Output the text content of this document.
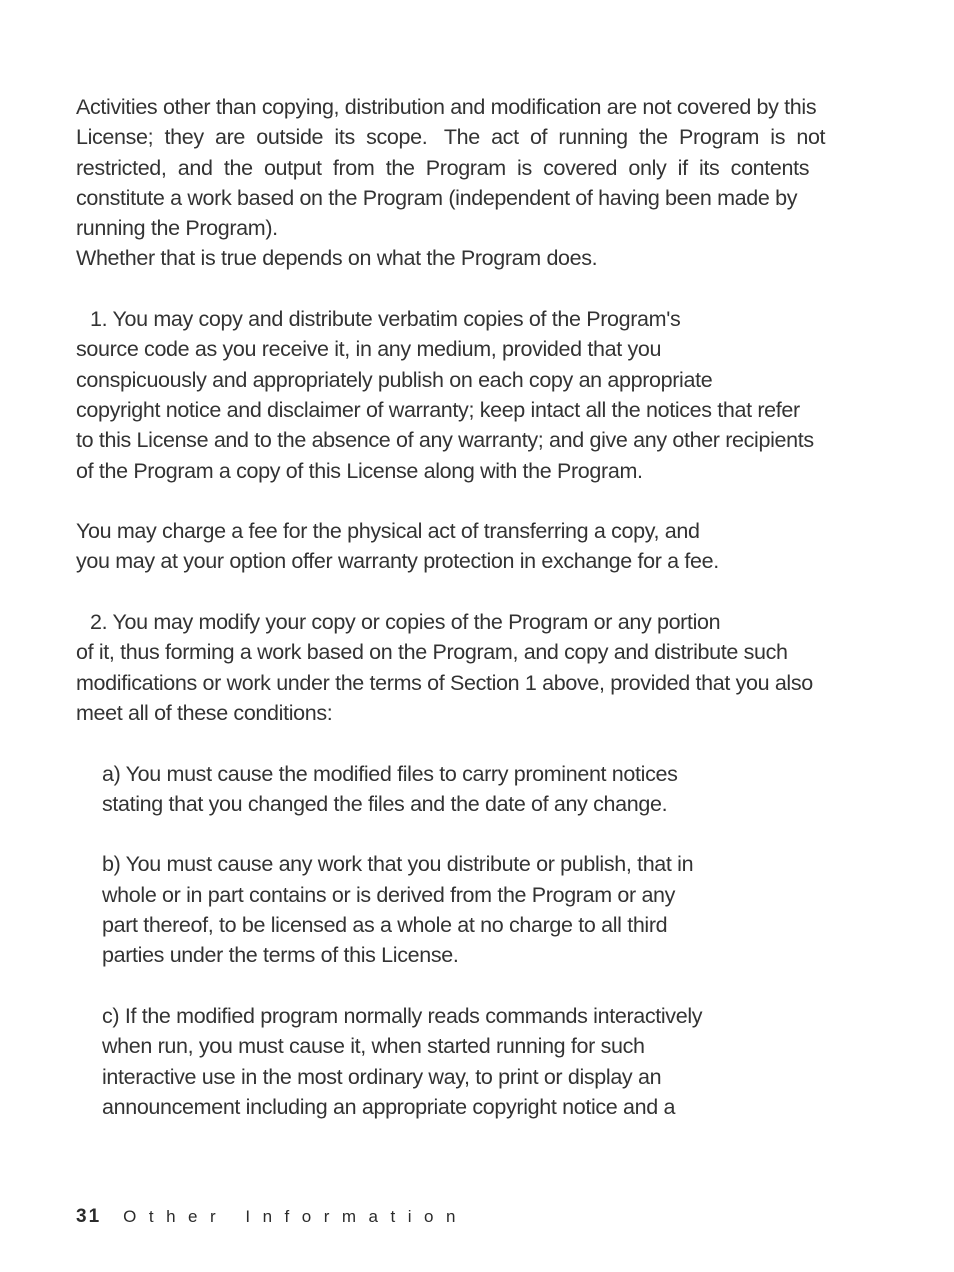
Activities other than copying, distribution and modification are not covered by this
License;  they  are  outside  its  scope.   The  act  of  running  the  Program  is  not
restricted,  and  the  output  from  the  Program  is  covered  only  if  its  contents
constitute a work based on the Program (independent of having been made by
running the Program).
Whether that is true depends on what the Program does.
1. You may copy and distribute verbatim copies of the Program's
source code as you receive it, in any medium, provided that you
conspicuously and appropriately publish on each copy an appropriate
copyright notice and disclaimer of warranty; keep intact all the notices that refer
to this License and to the absence of any warranty; and give any other recipients
of the Program a copy of this License along with the Program.
You may charge a fee for the physical act of transferring a copy, and
you may at your option offer warranty protection in exchange for a fee.
2. You may modify your copy or copies of the Program or any portion
of it, thus forming a work based on the Program, and copy and distribute such
modifications or work under the terms of Section 1 above, provided that you also
meet all of these conditions:
a) You must cause the modified files to carry prominent notices
stating that you changed the files and the date of any change.
b) You must cause any work that you distribute or publish, that in
whole or in part contains or is derived from the Program or any
part thereof, to be licensed as a whole at no charge to all third
parties under the terms of this License.
c) If the modified program normally reads commands interactively
when run, you must cause it, when started running for such
interactive use in the most ordinary way, to print or display an
announcement including an appropriate copyright notice and a
31 Other Information
